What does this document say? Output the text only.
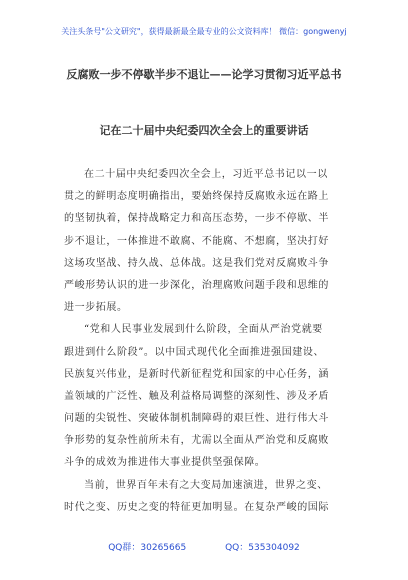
关注头条号"公文研究"，获得最新最全最专业的公文资料库！ 微信：gongwenyj
反腐败一步不停歇半步不退让——论学习贯彻习近平总书
记在二十届中央纪委四次全会上的重要讲话
在二十届中央纪委四次全会上，习近平总书记以一以
贯之的鲜明态度明确指出，要始终保持反腐败永远在路上
的坚韧执着，保持战略定力和高压态势，一步不停歇、半
步不退让，一体推进不敢腐、不能腐、不想腐，坚决打好
这场攻坚战、持久战、总体战。这是我们党对反腐败斗争
严峻形势认识的进一步深化，治理腐败问题手段和思维的
进一步拓展。
“党和人民事业发展到什么阶段，全面从严治党就要
跟进到什么阶段”。以中国式现代化全面推进强国建设、
民族复兴伟业，是新时代新征程党和国家的中心任务，涵
盖领域的广泛性、触及利益格局调整的深刻性、涉及矛盾
问题的尖锐性、突破体制机制障碍的艰巨性、进行伟大斗
争形势的复杂性前所未有，尤需以全面从严治党和反腐败
斗争的成效为推进伟大事业提供坚强保障。
当前，世界百年未有之大变局加速演进，世界之变、
时代之变、历史之变的特征更加明显。在复杂严峻的国际
QQ群：30265665	QQ：535304092
